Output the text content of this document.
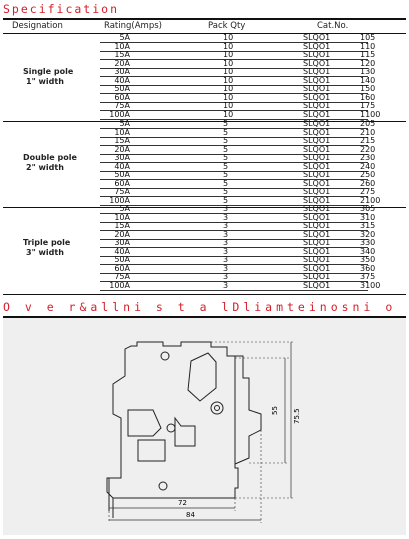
Specification
Designation	Rating(Amps)	Pack Qty	Cat.No.
Single pole
1" width
5A	10	SLQO1	105
10A	10	SLQO1	110
15A	10	SLQO1	115
20A	10	SLQO1	120
30A	10	SLQO1	130
40A	10	SLQO1	140
50A	10	SLQO1	150
60A	10	SLQO1	160
75A	10	SLQO1	175
100A	10	SLQO1	1100
Double pole
2" width
5A	5	SLQO1	205
10A	5	SLQO1	210
15A	5	SLQO1	215
20A	5	SLQO1	220
30A	5	SLQO1	230
40A	5	SLQO1	240
50A	5	SLQO1	250
60A	5	SLQO1	260
75A	5	SLQO1	275
100A	5	SLQO1	2100
Triple pole
3" width
5A	3	SLQO1	305
10A	3	SLQO1	310
15A	3	SLQO1	315
20A	3	SLQO1	320
30A	3	SLQO1	330
40A	3	SLQO1	340
50A	3	SLQO1	350
60A	3	SLQO1	360
75A	3	SLQO1	375
100A	3	SLQO1	3100
O v e r&allni s t a lDliamteinosni o
55 75.5
72
84
